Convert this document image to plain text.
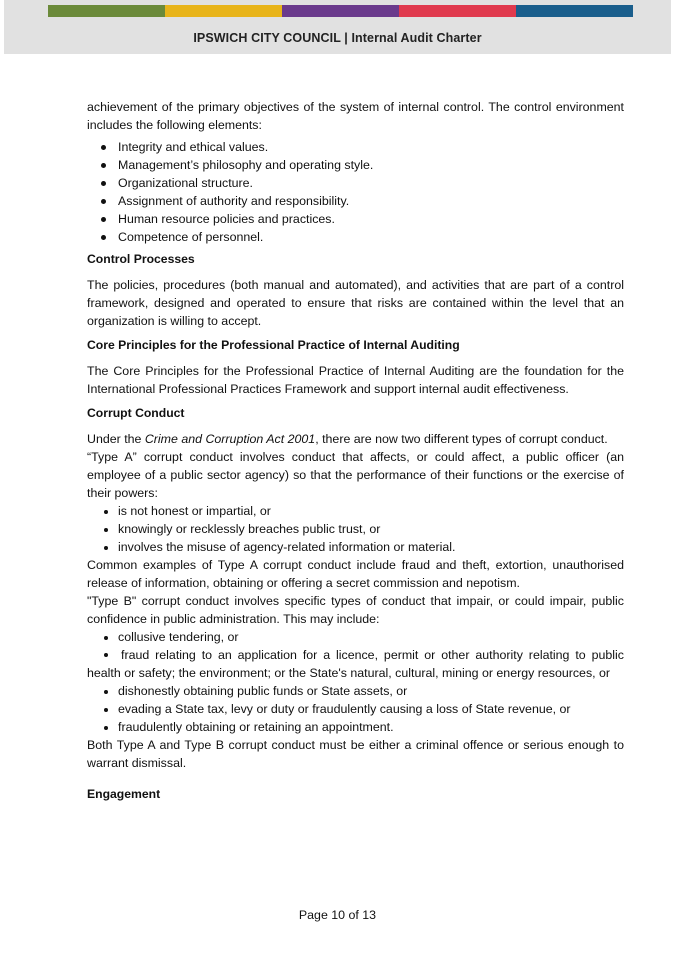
IPSWICH CITY COUNCIL | Internal Audit Charter

achievement of the primary objectives of the system of internal control. The control environment includes the following elements:

Integrity and ethical values.
Management’s philosophy and operating style.
Organizational structure.
Assignment of authority and responsibility.
Human resource policies and practices.
Competence of personnel.

Control Processes

The policies, procedures (both manual and automated), and activities that are part of a control framework, designed and operated to ensure that risks are contained within the level that an organization is willing to accept.

Core Principles for the Professional Practice of Internal Auditing

The Core Principles for the Professional Practice of Internal Auditing are the foundation for the International Professional Practices Framework and support internal audit effectiveness.

Corrupt Conduct

Under the Crime and Corruption Act 2001, there are now two different types of corrupt conduct.

“Type A” corrupt conduct involves conduct that affects, or could affect, a public officer (an employee of a public sector agency) so that the performance of their functions or the exercise of their powers:

is not honest or impartial, or
knowingly or recklessly breaches public trust, or
involves the misuse of agency-related information or material.

Common examples of Type A corrupt conduct include fraud and theft, extortion, unauthorised release of information, obtaining or offering a secret commission and nepotism.

"Type B" corrupt conduct involves specific types of conduct that impair, or could impair, public confidence in public administration. This may include:

collusive tendering, or

fraud relating to an application for a licence, permit or other authority relating to public health or safety; the environment; or the State's natural, cultural, mining or energy resources, or

dishonestly obtaining public funds or State assets, or
evading a State tax, levy or duty or fraudulently causing a loss of State revenue, or
fraudulently obtaining or retaining an appointment.

Both Type A and Type B corrupt conduct must be either a criminal offence or serious enough to warrant dismissal.

Engagement

Page 10 of 13
